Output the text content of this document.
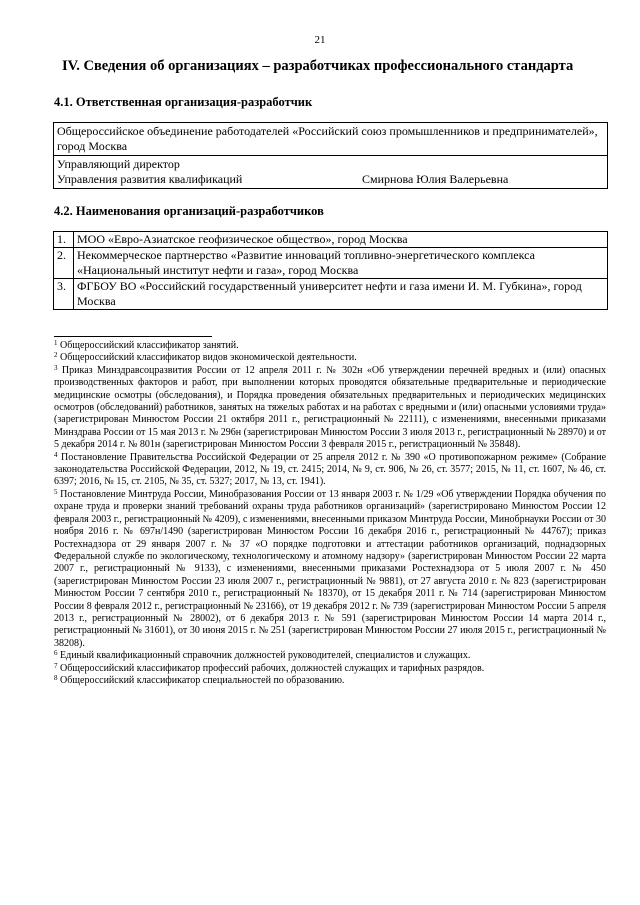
21
IV. Сведения об организациях – разработчиках профессионального стандарта
4.1. Ответственная организация-разработчик
Общероссийское объединение работодателей «Российский союз промышленников и предпринимателей», город Москва
Управляющий директор
Управления развития квалификаций	Смирнова Юлия Валерьевна
4.2. Наименования организаций-разработчиков
1.	МОО «Евро-Азиатское геофизическое общество», город Москва
2.	Некоммерческое партнерство «Развитие инноваций топливно-энергетического комплекса «Национальный институт нефти и газа», город Москва
3.	ФГБОУ ВО «Российский государственный университет нефти и газа имени И. М. Губкина», город Москва

$^1$ Общероссийский классификатор занятий.

$^2$ Общероссийский классификатор видов экономической деятельности.

$^3$ Приказ Минздравсоцразвития России от 12 апреля 2011 г. № 302н «Об утверждении перечней вредных и (или) опасных производственных факторов и работ, при выполнении которых проводятся обязательные предварительные и периодические медицинские осмотры (обследования), и Порядка проведения обязательных предварительных и периодических медицинских осмотров (обследований) работников, занятых на тяжелых работах и на работах с вредными и (или) опасными условиями труда» (зарегистрирован Минюстом России 21 октября 2011 г., регистрационный № 22111), с изменениями, внесенными приказами Минздрава России от 15 мая 2013 г. № 296н (зарегистрирован Минюстом России 3 июля 2013 г., регистрационный № 28970) и от 5 декабря 2014 г. № 801н (зарегистрирован Минюстом России 3 февраля 2015 г., регистрационный № 35848).

$^4$ Постановление Правительства Российской Федерации от 25 апреля 2012 г. № 390 «О противопожарном режиме» (Собрание законодательства Российской Федерации, 2012, № 19, ст. 2415; 2014, № 9, ст. 906, № 26, ст. 3577; 2015, № 11, ст. 1607, № 46, ст. 6397; 2016, № 15, ст. 2105, № 35, ст. 5327; 2017, № 13, ст. 1941).

$^5$ Постановление Минтруда России, Минобразования России от 13 января 2003 г. № 1/29 «Об утверждении Порядка обучения по охране труда и проверки знаний требований охраны труда работников организаций» (зарегистрировано Минюстом России 12 февраля 2003 г., регистрационный № 4209), с изменениями, внесенными приказом Минтруда России, Минобрнауки России от 30 ноября 2016 г. № 697н/1490 (зарегистрирован Минюстом России 16 декабря 2016 г., регистрационный № 44767); приказ Ростехнадзора от 29 января 2007 г. № 37 «О порядке подготовки и аттестации работников организаций, поднадзорных Федеральной службе по экологическому, технологическому и атомному надзору» (зарегистрирован Минюстом России 22 марта 2007 г., регистрационный № 9133), с изменениями, внесенными приказами Ростехнадзора от 5 июля 2007 г. № 450 (зарегистрирован Минюстом России 23 июля 2007 г., регистрационный № 9881), от 27 августа 2010 г. № 823 (зарегистрирован Минюстом России 7 сентября 2010 г., регистрационный № 18370), от 15 декабря 2011 г. № 714 (зарегистрирован Минюстом России 8 февраля 2012 г., регистрационный № 23166), от 19 декабря 2012 г. № 739 (зарегистрирован Минюстом России 5 апреля 2013 г., регистрационный № 28002), от 6 декабря 2013 г. № 591 (зарегистрирован Минюстом России 14 марта 2014 г., регистрационный № 31601), от 30 июня 2015 г. № 251 (зарегистрирован Минюстом России 27 июля 2015 г., регистрационный № 38208).

$^6$ Единый квалификационный справочник должностей руководителей, специалистов и служащих.

$^7$ Общероссийский классификатор профессий рабочих, должностей служащих и тарифных разрядов.

$^8$ Общероссийский классификатор специальностей по образованию.
